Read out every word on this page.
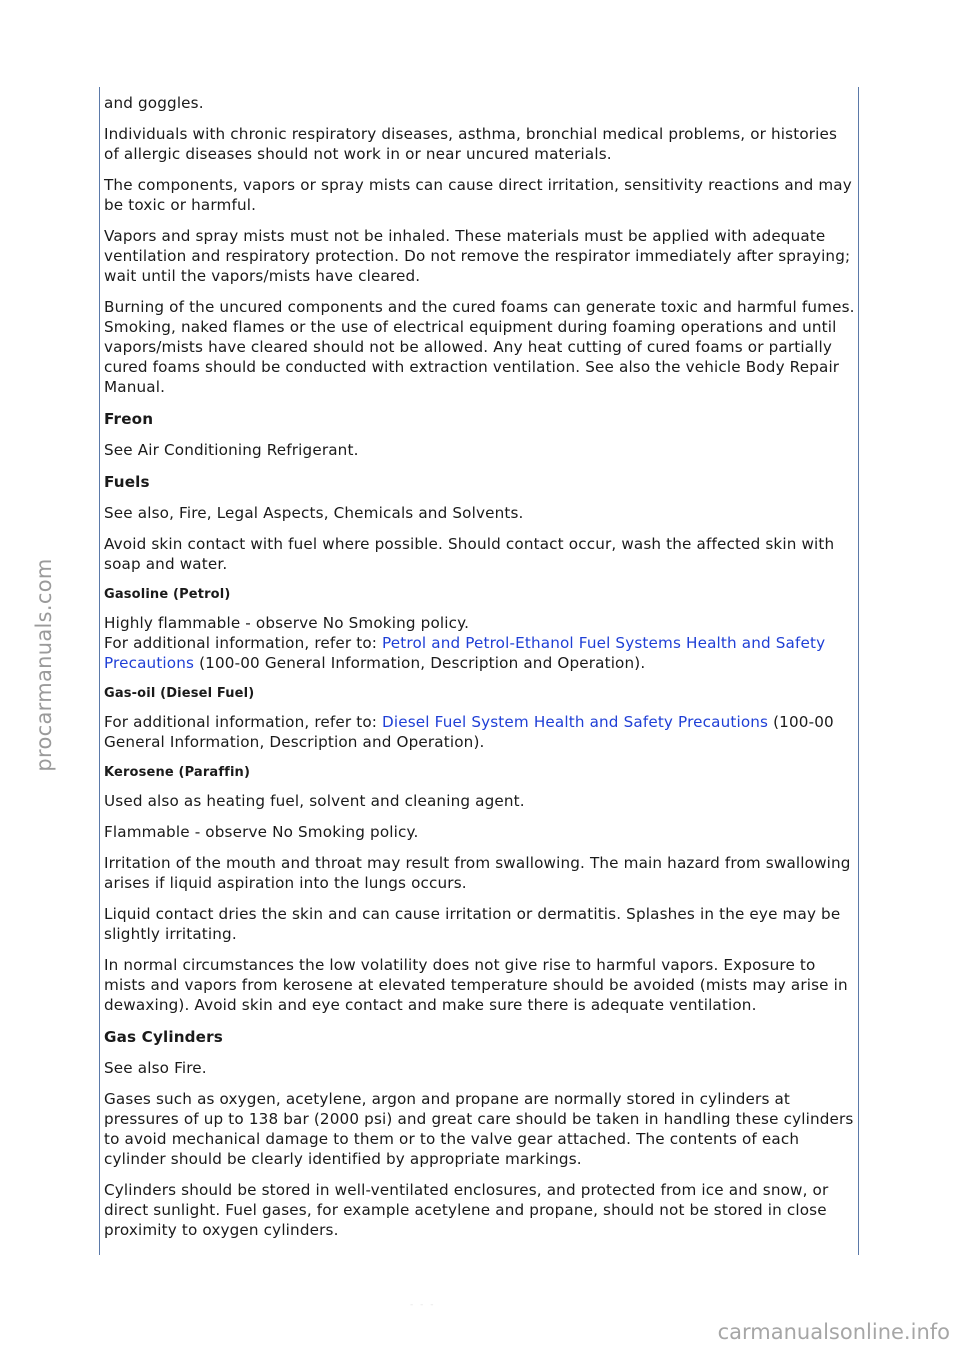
and goggles.

Individuals with chronic respiratory diseases, asthma, bronchial medical problems, or histories of allergic diseases should not work in or near uncured materials.

The components, vapors or spray mists can cause direct irritation, sensitivity reactions and may be toxic or harmful.

Vapors and spray mists must not be inhaled. These materials must be applied with adequate ventilation and respiratory protection. Do not remove the respirator immediately after spraying; wait until the vapors/mists have cleared.

Burning of the uncured components and the cured foams can generate toxic and harmful fumes. Smoking, naked flames or the use of electrical equipment during foaming operations and until vapors/mists have cleared should not be allowed. Any heat cutting of cured foams or partially cured foams should be conducted with extraction ventilation. See also the vehicle Body Repair Manual.

Freon

See Air Conditioning Refrigerant.

Fuels

See also, Fire, Legal Aspects, Chemicals and Solvents.

Avoid skin contact with fuel where possible. Should contact occur, wash the affected skin with soap and water.

Gasoline (Petrol)

Highly flammable - observe No Smoking policy.
For additional information, refer to: Petrol and Petrol-Ethanol Fuel Systems Health and Safety Precautions (100-00 General Information, Description and Operation).

Gas-oil (Diesel Fuel)

For additional information, refer to: Diesel Fuel System Health and Safety Precautions (100-00 General Information, Description and Operation).

Kerosene (Paraffin)

Used also as heating fuel, solvent and cleaning agent.

Flammable - observe No Smoking policy.

Irritation of the mouth and throat may result from swallowing. The main hazard from swallowing arises if liquid aspiration into the lungs occurs.

Liquid contact dries the skin and can cause irritation or dermatitis. Splashes in the eye may be slightly irritating.

In normal circumstances the low volatility does not give rise to harmful vapors. Exposure to mists and vapors from kerosene at elevated temperature should be avoided (mists may arise in dewaxing). Avoid skin and eye contact and make sure there is adequate ventilation.

Gas Cylinders

See also Fire.

Gases such as oxygen, acetylene, argon and propane are normally stored in cylinders at pressures of up to 138 bar (2000 psi) and great care should be taken in handling these cylinders to avoid mechanical damage to them or to the valve gear attached. The contents of each cylinder should be clearly identified by appropriate markings.

Cylinders should be stored in well-ventilated enclosures, and protected from ice and snow, or direct sunlight. Fuel gases, for example acetylene and propane, should not be stored in close proximity to oxygen cylinders.

- - -
procarmanuals.com
carmanualsonline.info
